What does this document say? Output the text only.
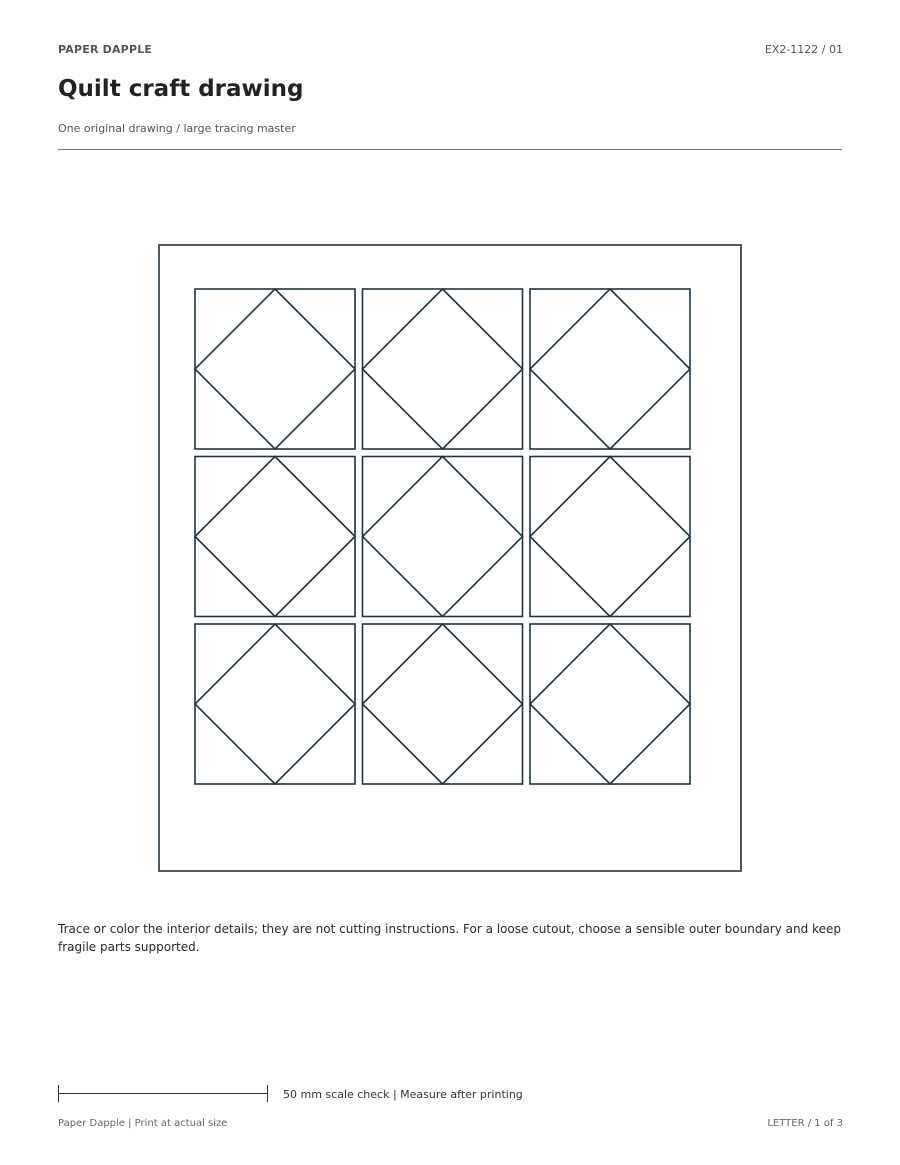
PAPER DAPPLE	EX2-1122 / 01
Quilt craft drawing
One original drawing / large tracing master
Trace or color the interior details; they are not cutting instructions. For a loose cutout, choose a sensible outer boundary and keep fragile parts supported.
50 mm scale check | Measure after printing
Paper Dapple | Print at actual size	LETTER / 1 of 3
